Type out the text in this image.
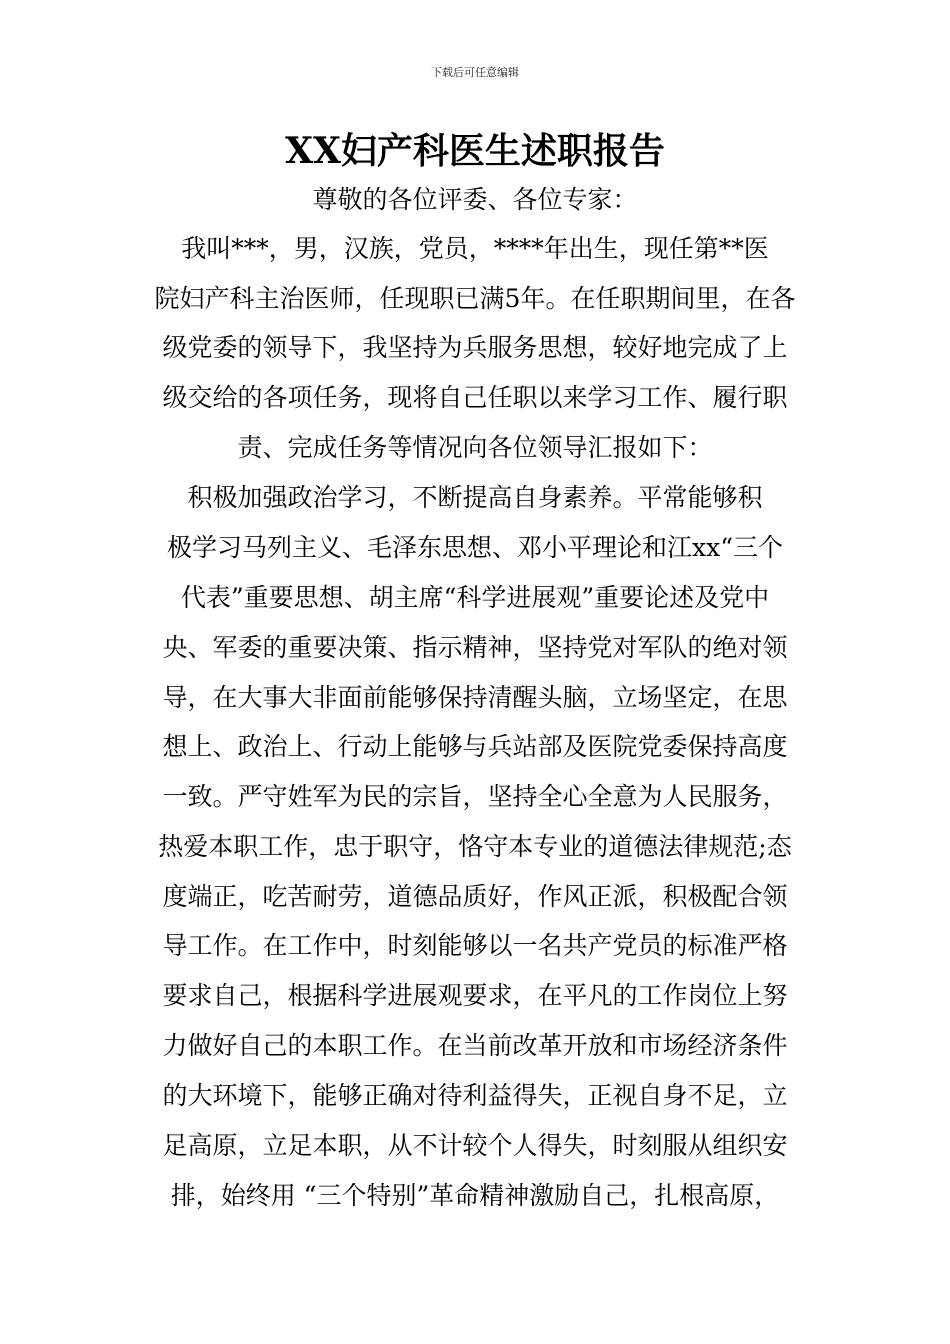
下载后可任意编辑
XX妇产科医生述职报告
尊敬的各位评委、各位专家：
我叫***，男，汉族，党员，****年出生，现任第**医
院妇产科主治医师，任现职已满5年。在任职期间里，在各
级党委的领导下，我坚持为兵服务思想，较好地完成了上
级交给的各项任务，现将自己任职以来学习工作、履行职
责、完成任务等情况向各位领导汇报如下：
积极加强政治学习，不断提高自身素养。平常能够积
极学习马列主义、毛泽东思想、邓小平理论和江xx“三个
代表”重要思想、胡主席“科学进展观”重要论述及党中
央、军委的重要决策、指示精神，坚持党对军队的绝对领
导，在大事大非面前能够保持清醒头脑，立场坚定，在思
想上、政治上、行动上能够与兵站部及医院党委保持高度
一致。严守姓军为民的宗旨，坚持全心全意为人民服务，
热爱本职工作，忠于职守，恪守本专业的道德法律规范;态
度端正，吃苦耐劳，道德品质好，作风正派，积极配合领
导工作。在工作中，时刻能够以一名共产党员的标准严格
要求自己，根据科学进展观要求，在平凡的工作岗位上努
力做好自己的本职工作。在当前改革开放和市场经济条件
的大环境下，能够正确对待利益得失，正视自身不足，立
足高原，立足本职，从不计较个人得失，时刻服从组织安
排，始终用 “三个特别”革命精神激励自己，扎根高原，
